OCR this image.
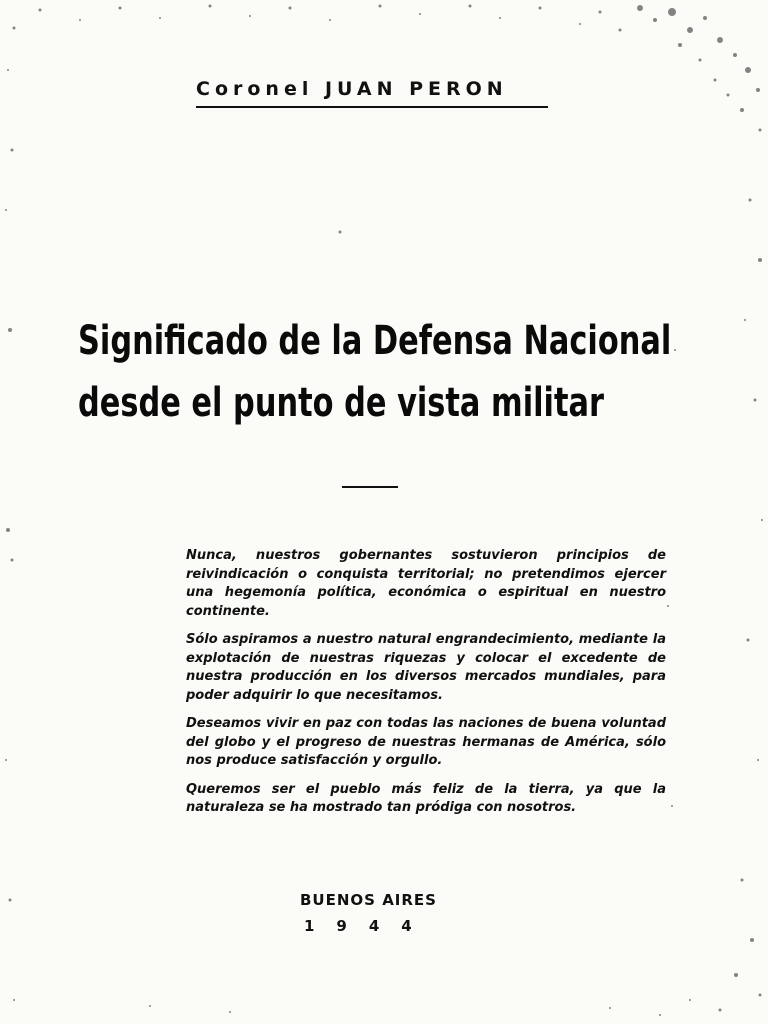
Coronel JUAN PERON
Significado de la Defensa Nacional
desde el punto de vista militar

Nunca, nuestros gobernantes sostuvieron principios de reivindicación o conquista territorial; no pretendimos ejercer una hegemonía política, económica o espiritual en nuestro continente.

Sólo aspiramos a nuestro natural engrandecimiento, mediante la explotación de nuestras riquezas y colocar el excedente de nuestra producción en los diversos mercados mundiales, para poder adquirir lo que necesitamos.

Deseamos vivir en paz con todas las naciones de buena voluntad del globo y el progreso de nuestras hermanas de América, sólo nos produce satisfacción y orgullo.

Queremos ser el pueblo más feliz de la tierra, ya que la naturaleza se ha mostrado tan pródiga con nosotros.

BUENOS AIRES
1944
